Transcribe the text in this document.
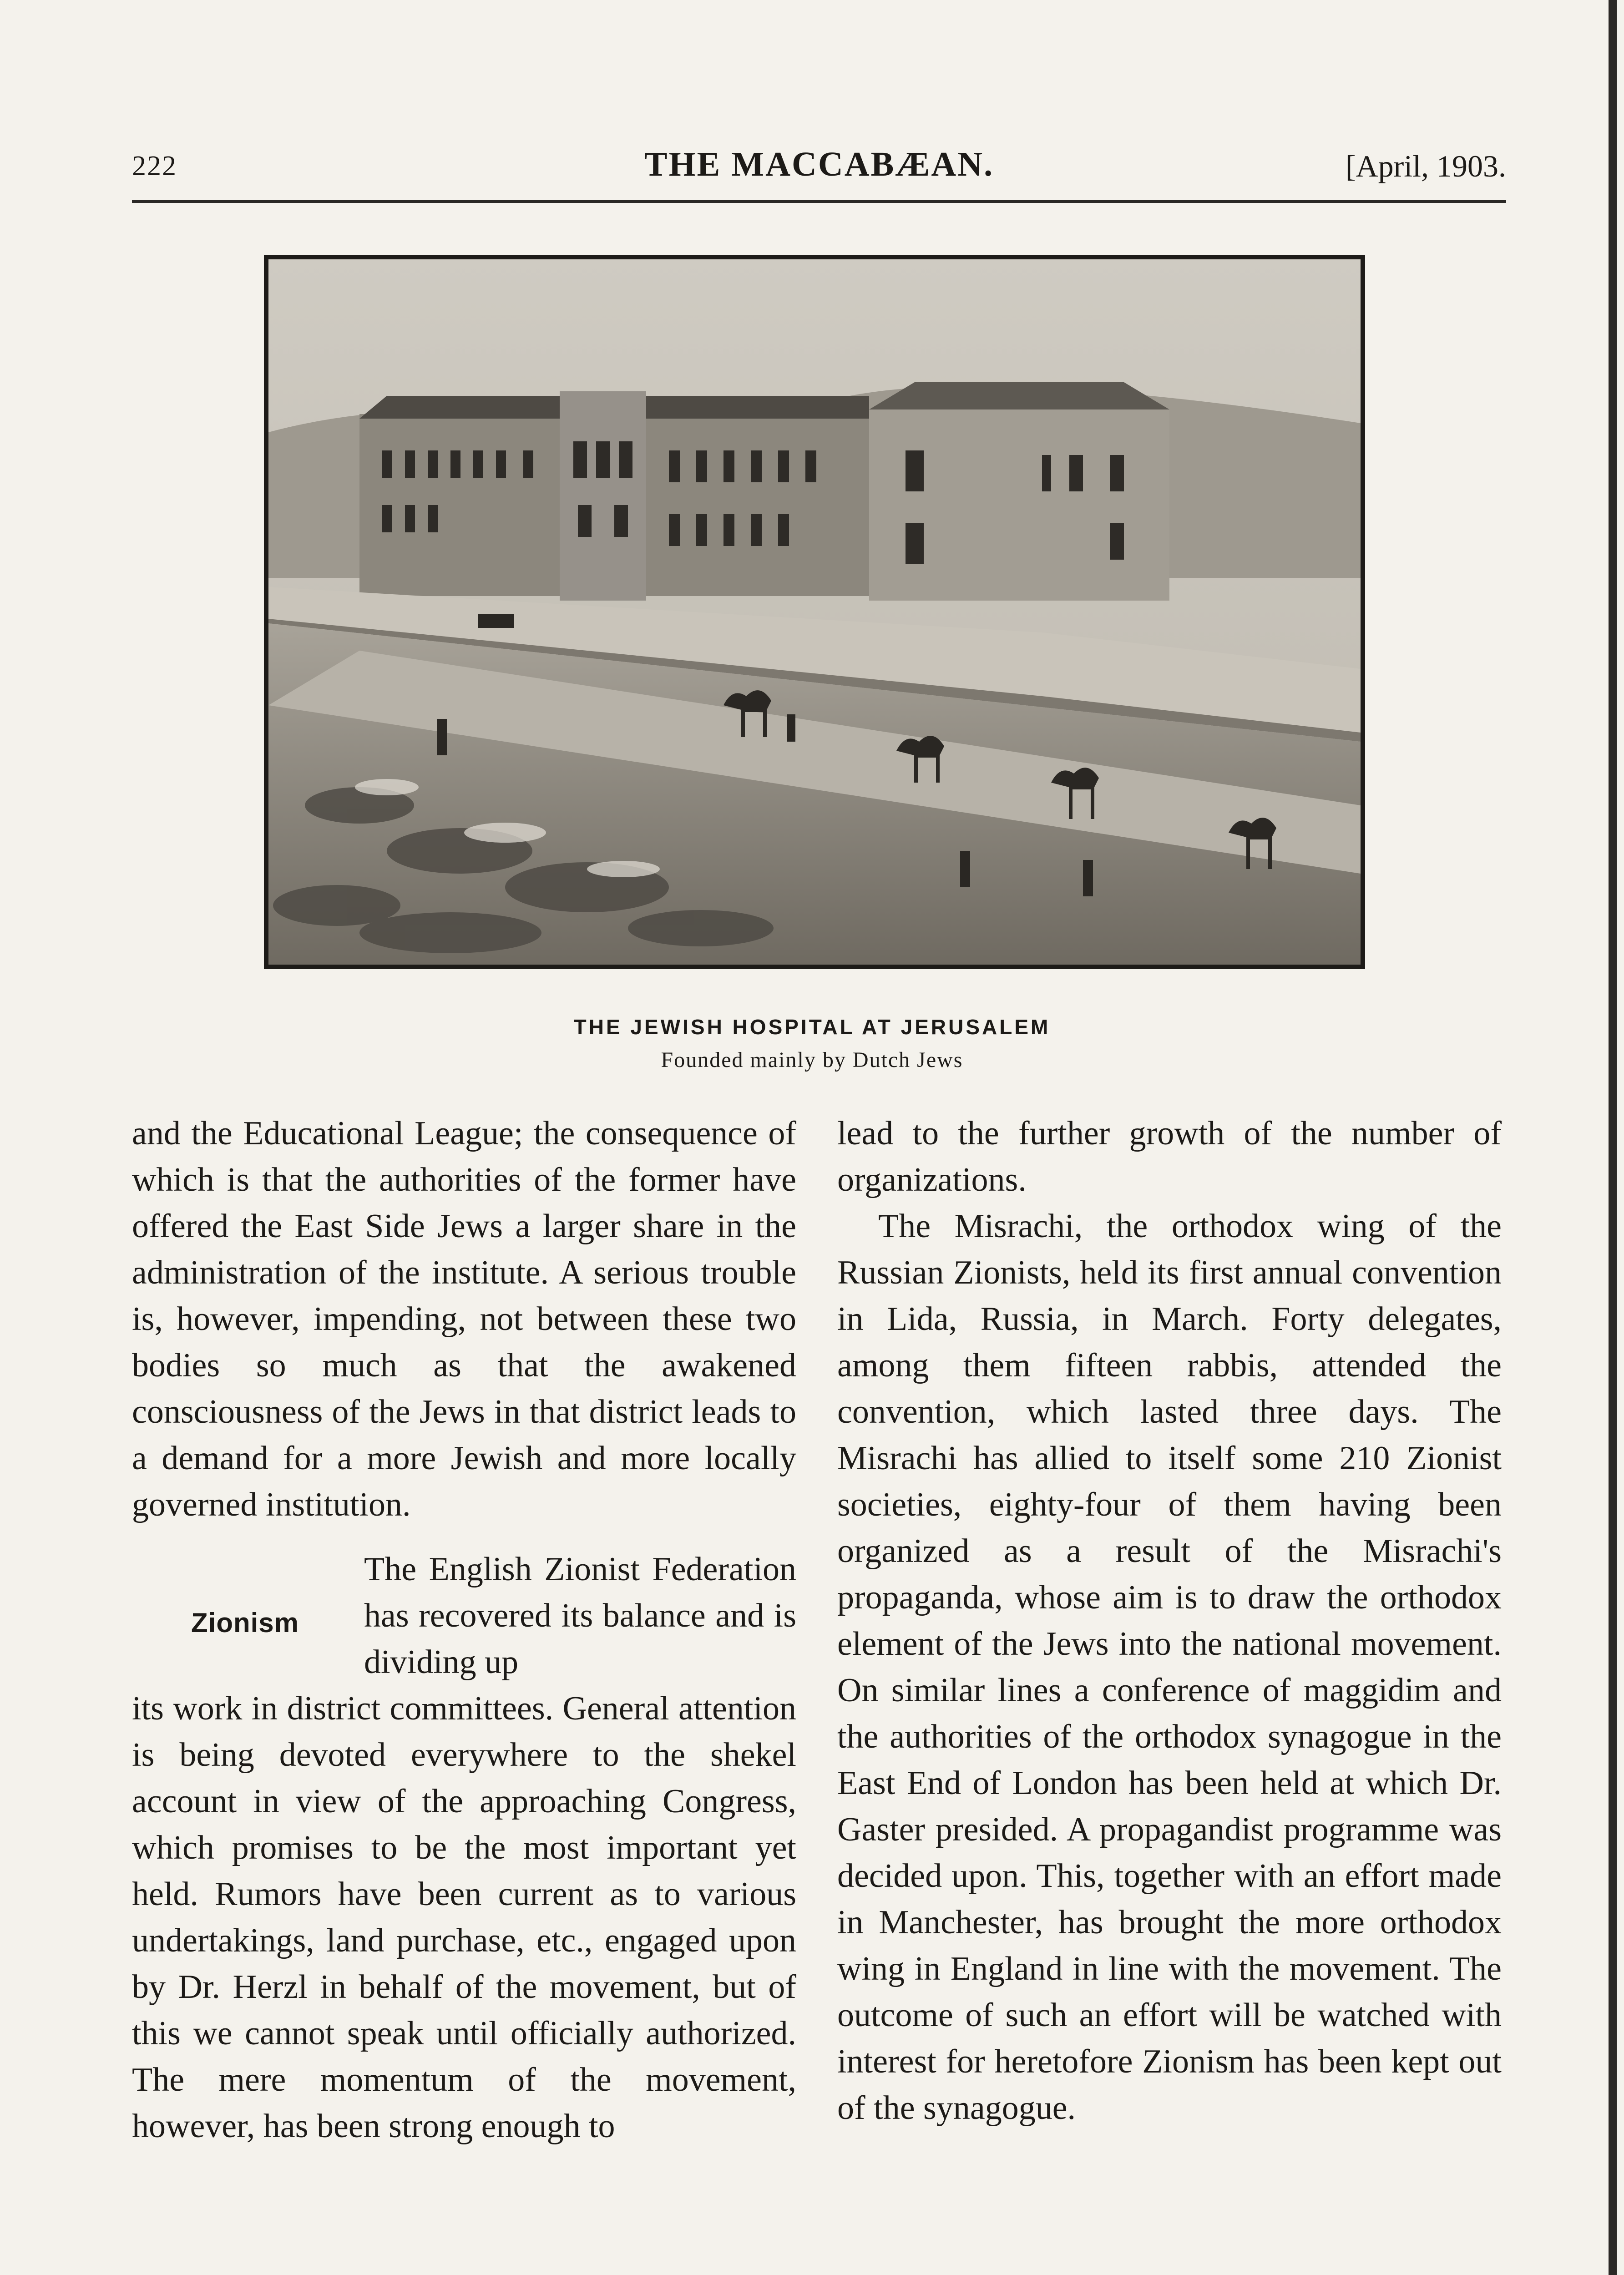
222	THE MACCABÆAN.	[April, 1903.
THE JEWISH HOSPITAL AT JERUSALEM
Founded mainly by Dutch Jews

and the Educational League; the consequence of which is that the authorities of the former have offered the East Side Jews a larger share in the administration of the institute. A serious trouble is, however, impending, not between these two bodies so much as that the awakened consciousness of the Jews in that district leads to a demand for a more Jewish and more locally governed institution.

Zionism

The English Zionist Federation has recovered its balance and is dividing up

its work in district committees. General attention is being devoted everywhere to the shekel account in view of the approaching Congress, which promises to be the most important yet held. Rumors have been current as to various undertakings, land purchase, etc., engaged upon by Dr. Herzl in behalf of the movement, but of this we cannot speak until officially authorized. The mere momentum of the movement, however, has been strong enough to

lead to the further growth of the number of organizations.

The Misrachi, the orthodox wing of the Russian Zionists, held its first annual convention in Lida, Russia, in March. Forty delegates, among them fifteen rabbis, attended the convention, which lasted three days. The Misrachi has allied to itself some 210 Zionist societies, eighty-four of them having been organized as a result of the Misrachi's propaganda, whose aim is to draw the orthodox element of the Jews into the national movement. On similar lines a conference of maggidim and the authorities of the orthodox synagogue in the East End of London has been held at which Dr. Gaster presided. A propagandist programme was decided upon. This, together with an effort made in Manchester, has brought the more orthodox wing in England in line with the movement. The outcome of such an effort will be watched with interest for heretofore Zionism has been kept out of the synagogue.
